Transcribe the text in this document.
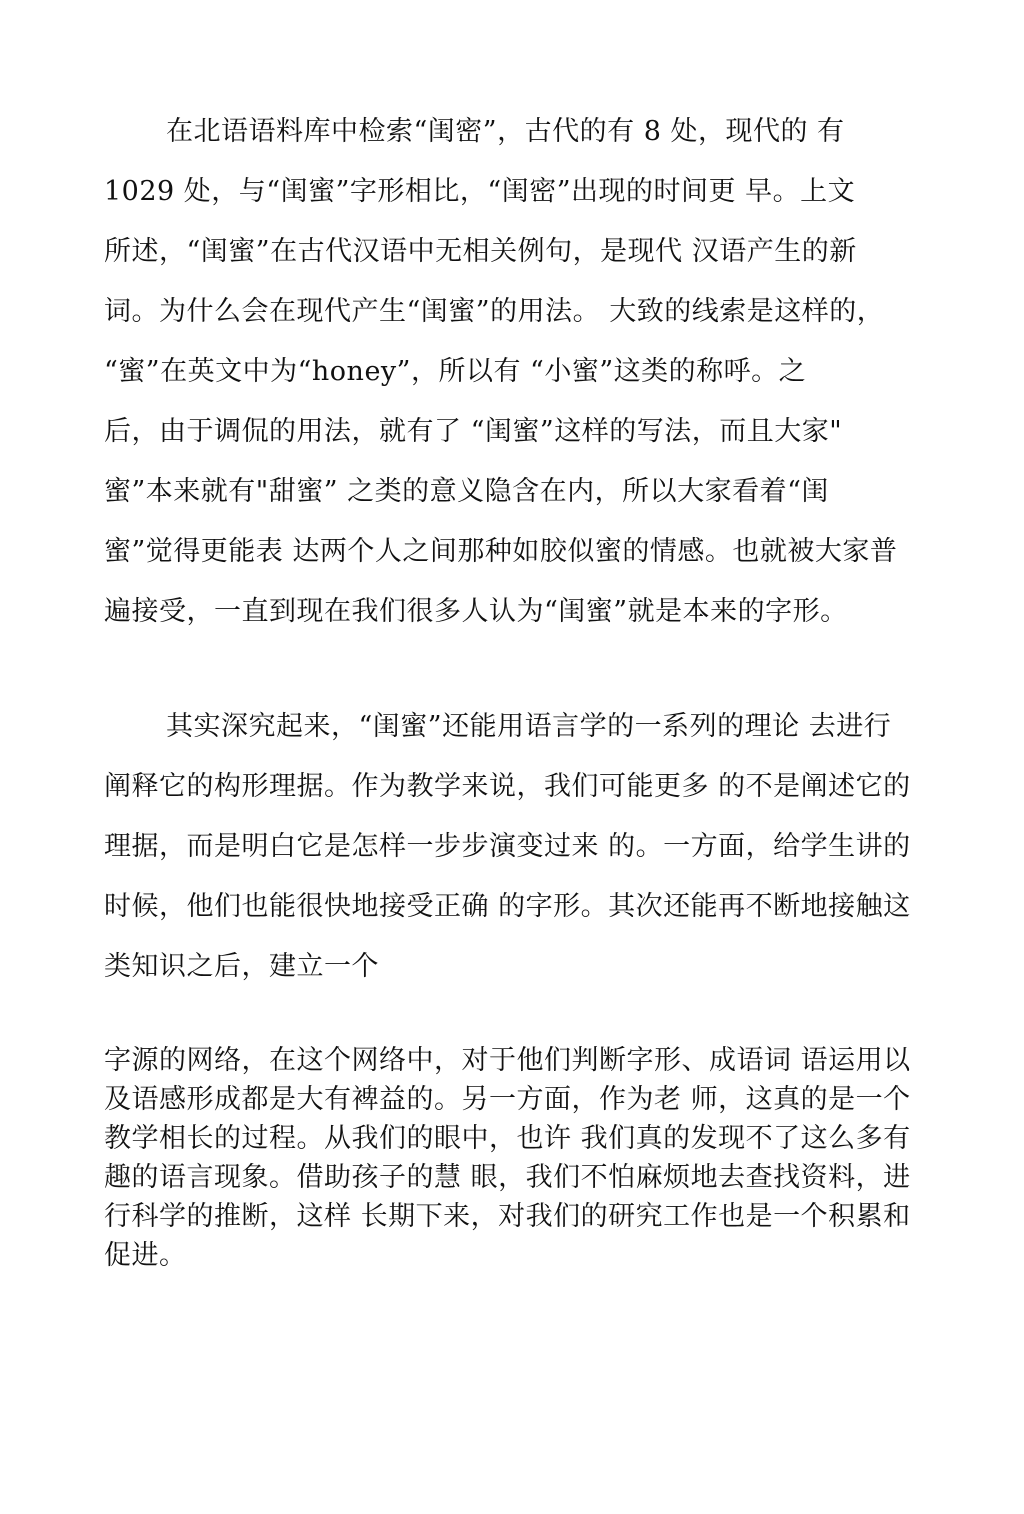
在北语语料库中检索“闺密”，古代的有 8 处，现代的 有
1029 处，与“闺蜜”字形相比，“闺密”出现的时间更 早。上文
所述，“闺蜜”在古代汉语中无相关例句，是现代 汉语产生的新
词。为什么会在现代产生“闺蜜”的用法。 大致的线索是这样的，
“蜜”在英文中为“honey”，所以有 “小蜜”这类的称呼。之
后，由于调侃的用法，就有了 “闺蜜”这样的写法，而且大家"
蜜”本来就有"甜蜜” 之类的意义隐含在内，所以大家看着“闺
蜜”觉得更能表 达两个人之间那种如胶似蜜的情感。也就被大家普
遍接受，一直到现在我们很多人认为“闺蜜”就是本来的字形。
其实深究起来，“闺蜜”还能用语言学的一系列的理论 去进行
阐释它的构形理据。作为教学来说，我们可能更多 的不是阐述它的
理据，而是明白它是怎样一步步演变过来 的。一方面，给学生讲的
时候，他们也能很快地接受正确 的字形。其次还能再不断地接触这
类知识之后，建立一个
字源的网络，在这个网络中，对于他们判断字形、成语词 语运用以
及语感形成都是大有裨益的。另一方面，作为老 师，这真的是一个
教学相长的过程。从我们的眼中，也许 我们真的发现不了这么多有
趣的语言现象。借助孩子的慧 眼，我们不怕麻烦地去查找资料，进
行科学的推断，这样 长期下来，对我们的研究工作也是一个积累和
促进。
